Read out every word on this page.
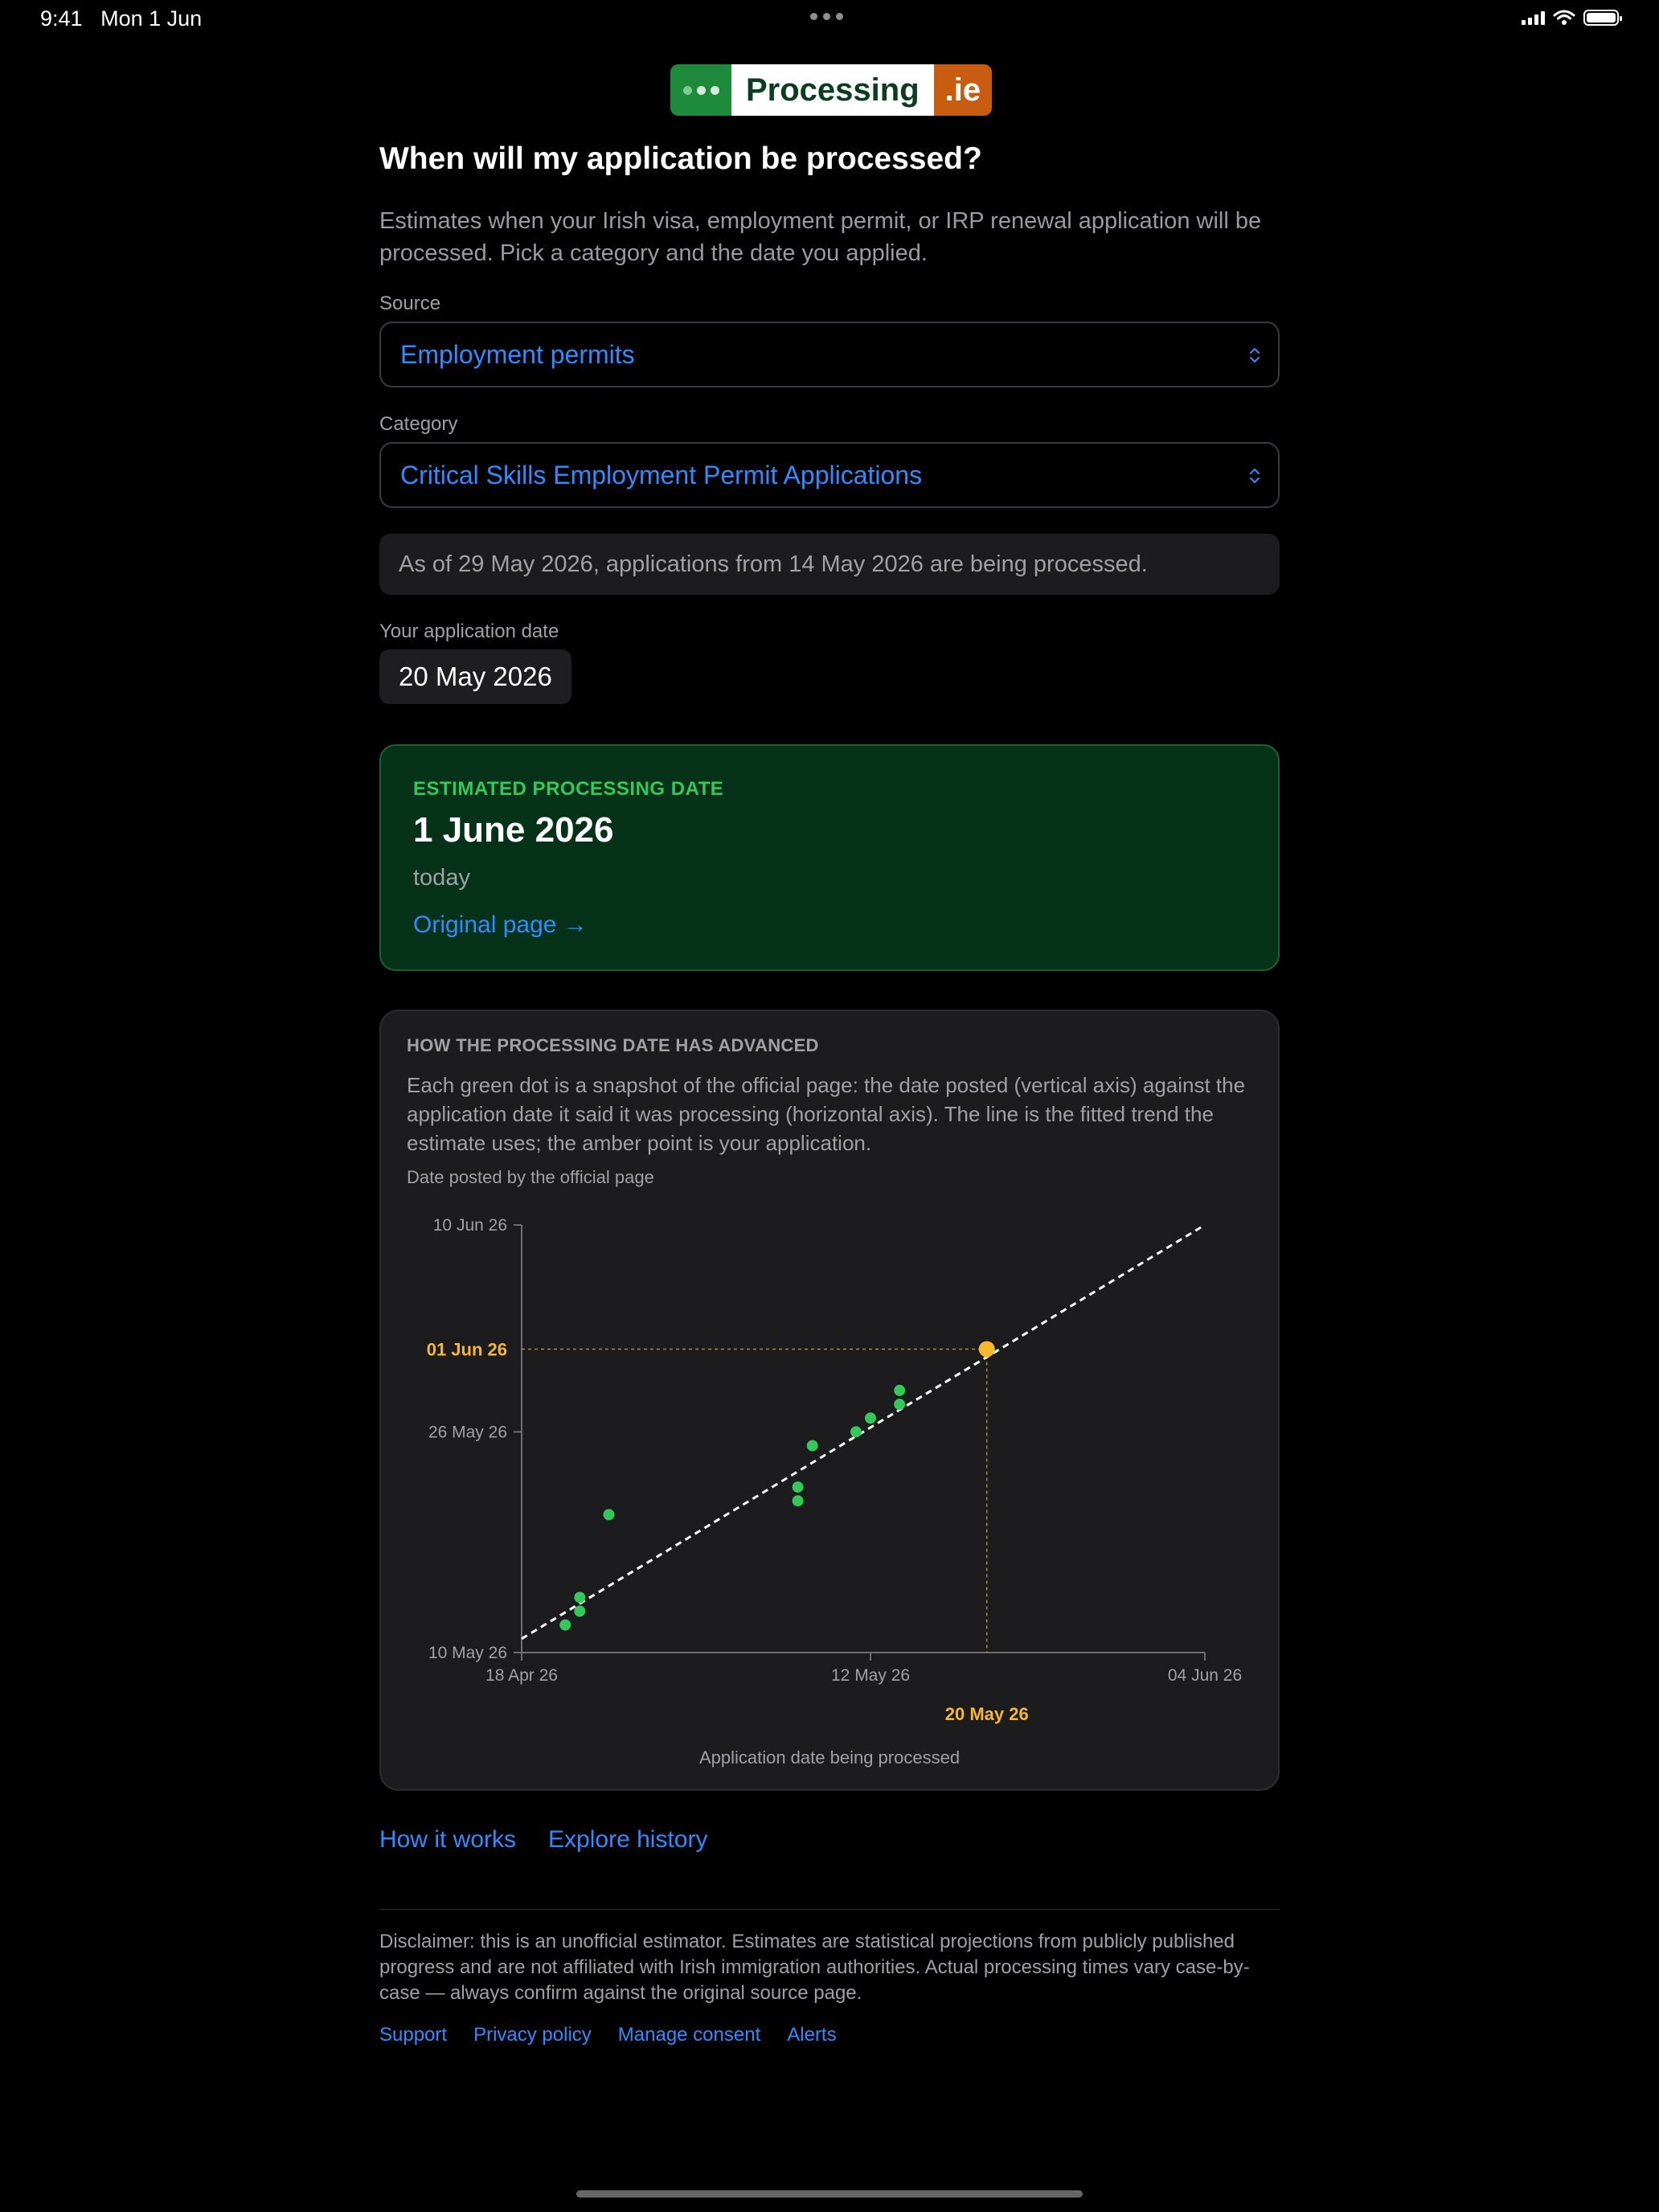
9:41 Mon 1 Jun
Processing .ie
When will my application be processed?
Estimates when your Irish visa, employment permit, or IRP renewal application will be processed. Pick a category and the date you applied.
Source
Employment permits
Category
Critical Skills Employment Permit Applications
As of 29 May 2026, applications from 14 May 2026 are being processed.
Your application date
20 May 2026
ESTIMATED PROCESSING DATE
1 June 2026
today
Original page →
HOW THE PROCESSING DATE HAS ADVANCED
Each green dot is a snapshot of the official page: the date posted (vertical axis) against the application date it said it was processing (horizontal axis). The line is the fitted trend the estimate uses; the amber point is your application.
Date posted by the official page
10 May 26
26 May 26
10 Jun 26
18 Apr 26	12 May 26	04 Jun 26
01 Jun 26
20 May 26
Application date being processed
How it works Explore history
Disclaimer: this is an unofficial estimator. Estimates are statistical projections from publicly published progress and are not affiliated with Irish immigration authorities. Actual processing times vary case-by-case — always confirm against the original source page.
Support Privacy policy Manage consent Alerts
